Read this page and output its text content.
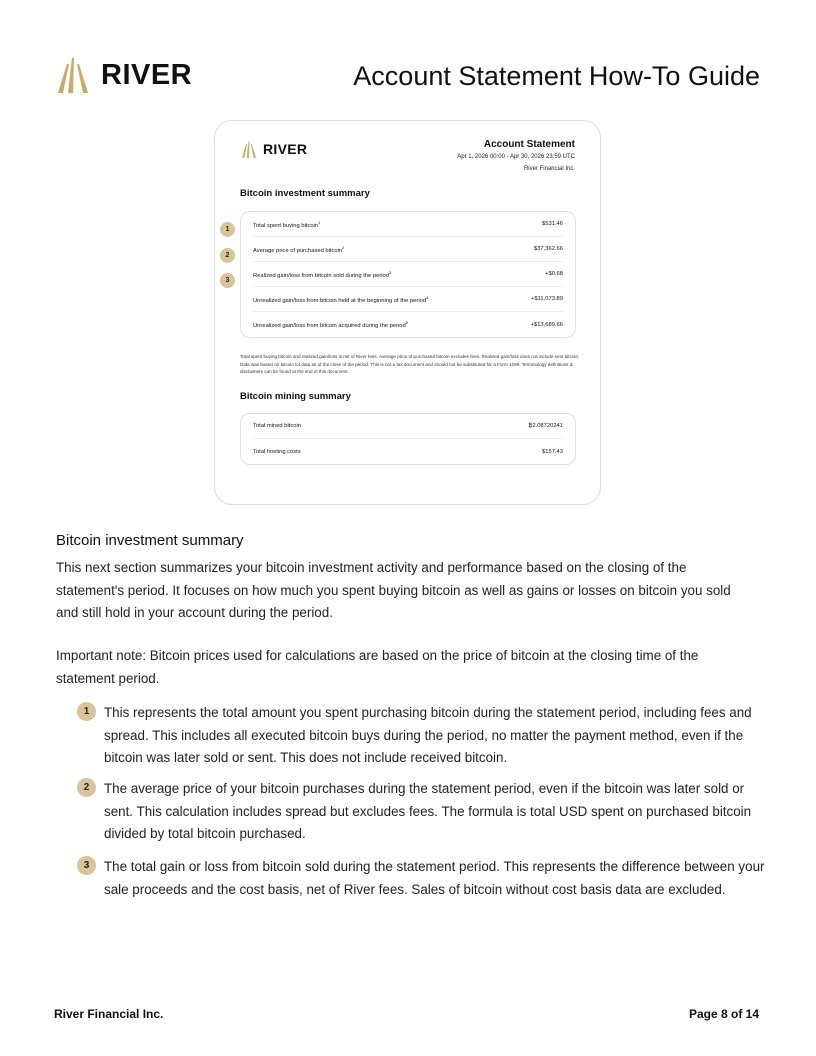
RIVER	Account Statement How-To Guide
RIVER	Account Statement
Apr 1, 2026 00:00 - Apr 30, 2026 23:59 UTC
River Financial Inc.
Bitcoin investment summary
Total spent buying bitcoin$^1$	$531.46
Average price of purchased bitcoin$^2$	$37,362.66
Realized gain/loss from bitcoin sold during the period$^3$	+$0.68
Unrealized gain/loss from bitcoin held at the beginning of the period$^4$	+$11,073.89
Unrealized gain/loss from bitcoin acquired during the period$^5$	+$13,689.66
1
2
3
Total spent buying bitcoin and realized gain/loss is net of River fees. Average price of purchased bitcoin excludes fees. Realized gain/loss does not include sent bitcoin. Data was based on bitcoin lot data as of the close of the period. This is not a tax document and should not be substituted for a Form 1099. Terminology definitions & disclaimers can be found at the end of this document.
Bitcoin mining summary
Total mined bitcoin	₿2.08720241
Total hosting costs	$157.43
Bitcoin investment summary
This next section summarizes your bitcoin investment activity and performance based on the closing of the statement's period. It focuses on how much you spent buying bitcoin as well as gains or losses on bitcoin you sold and still hold in your account during the period.
Important note: Bitcoin prices used for calculations are based on the price of bitcoin at the closing time of the statement period.
1	This represents the total amount you spent purchasing bitcoin during the statement period, including fees and spread. This includes all executed bitcoin buys during the period, no matter the payment method, even if the bitcoin was later sold or sent. This does not include received bitcoin.
2	The average price of your bitcoin purchases during the statement period, even if the bitcoin was later sold or sent. This calculation includes spread but excludes fees. The formula is total USD spent on purchased bitcoin divided by total bitcoin purchased.
3	The total gain or loss from bitcoin sold during the statement period. This represents the difference between your sale proceeds and the cost basis, net of River fees. Sales of bitcoin without cost basis data are excluded.
River Financial Inc.	Page 8 of 14
